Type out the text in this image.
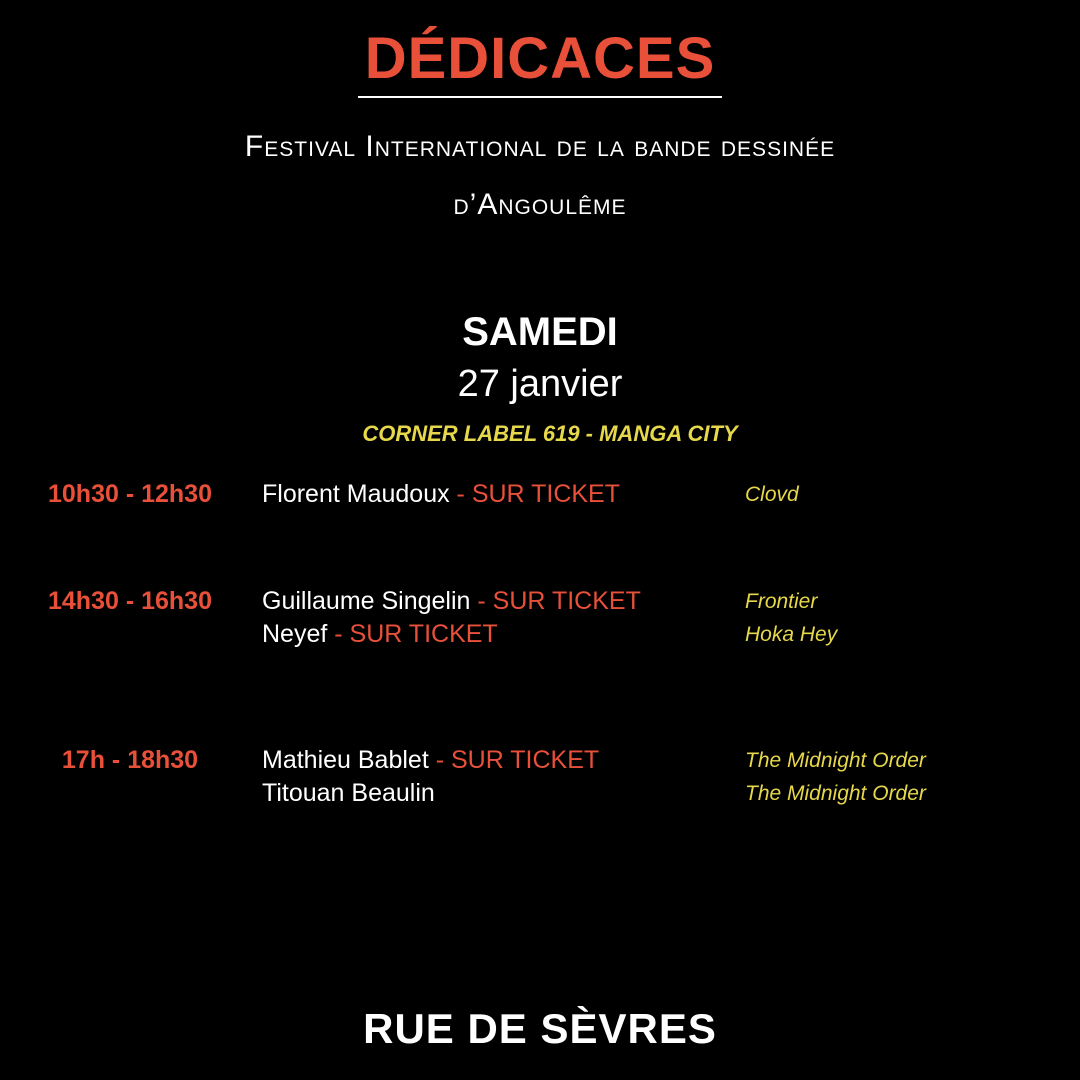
DÉDICACES
Festival International de la bande dessinée
d’Angoulême
SAMEDI
27 janvier
CORNER LABEL 619 - MANGA CITY
10h30 - 12h30	Florent Maudoux - SUR TICKET	Clovd
14h30 - 16h30	Guillaume Singelin - SUR TICKET	Frontier
Neyef - SUR TICKET	Hoka Hey
17h - 18h30	Mathieu Bablet - SUR TICKET	The Midnight Order
Titouan Beaulin	The Midnight Order
RUE DE SÈVRES
